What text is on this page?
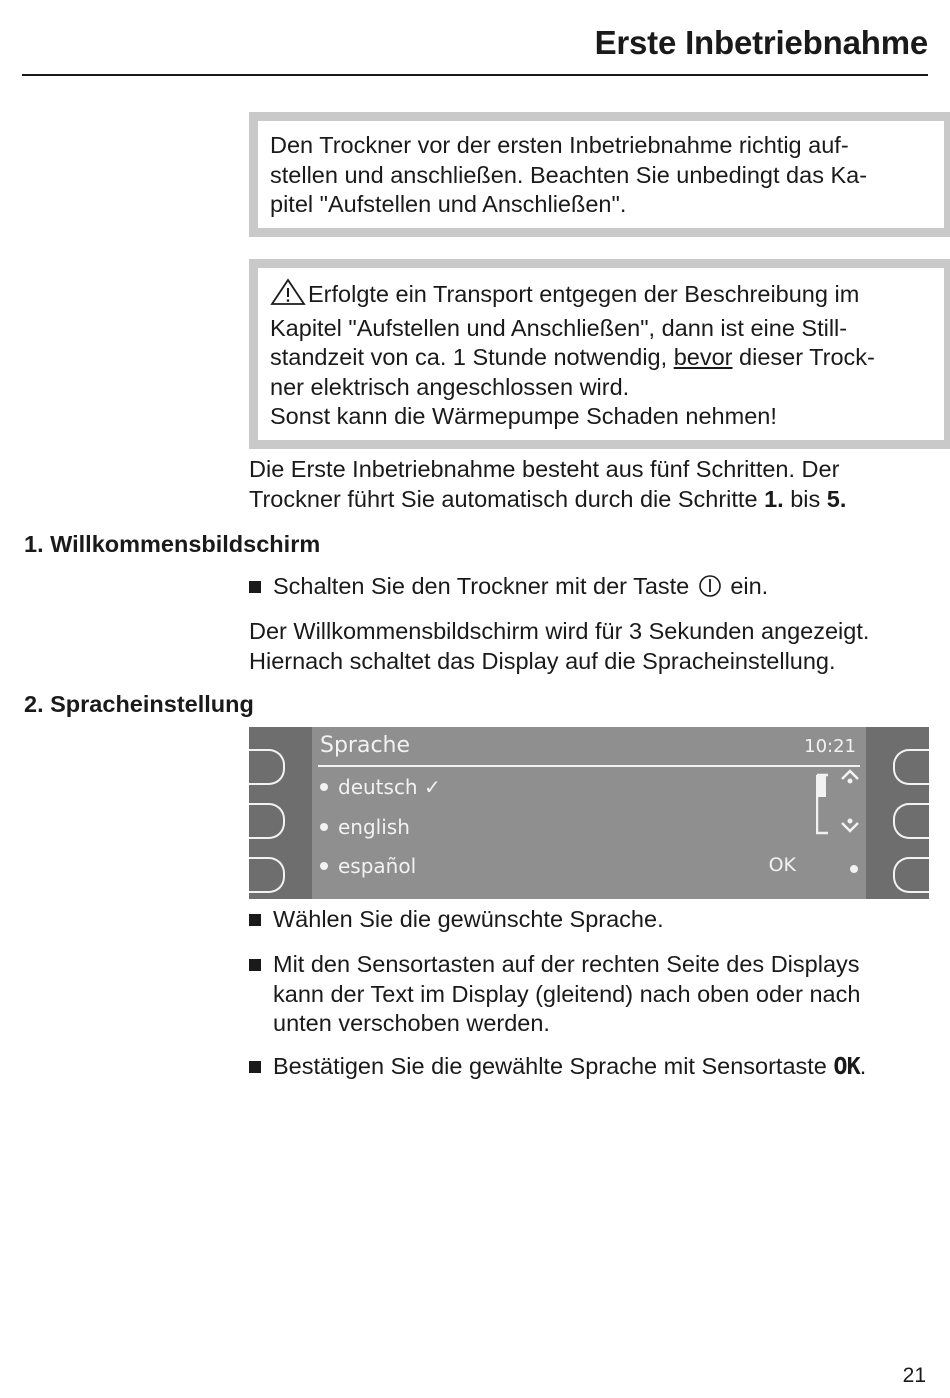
Erste Inbetriebnahme
Den Trockner vor der ersten Inbetriebnahme richtig auf-
stellen und anschließen. Beachten Sie unbedingt das Ka-
pitel "Aufstellen und Anschließen".
Erfolgte ein Transport entgegen der Beschreibung im
Kapitel "Aufstellen und Anschließen", dann ist eine Still-
standzeit von ca. 1 Stunde notwendig, bevor dieser Trock-
ner elektrisch angeschlossen wird.
Sonst kann die Wärmepumpe Schaden nehmen!
Die Erste Inbetriebnahme besteht aus fünf Schritten. Der
Trockner führt Sie automatisch durch die Schritte 1. bis 5.
1. Willkommensbildschirm
Schalten Sie den Trockner mit der Taste  ein.
Der Willkommensbildschirm wird für 3 Sekunden angezeigt.
Hiernach schaltet das Display auf die Spracheinstellung.
2. Spracheinstellung
Sprache	10:21
deutsch ✓
english
español	OK
Wählen Sie die gewünschte Sprache.
Mit den Sensortasten auf der rechten Seite des Displays
kann der Text im Display (gleitend) nach oben oder nach
unten verschoben werden.
Bestätigen Sie die gewählte Sprache mit Sensortaste OK.
21
